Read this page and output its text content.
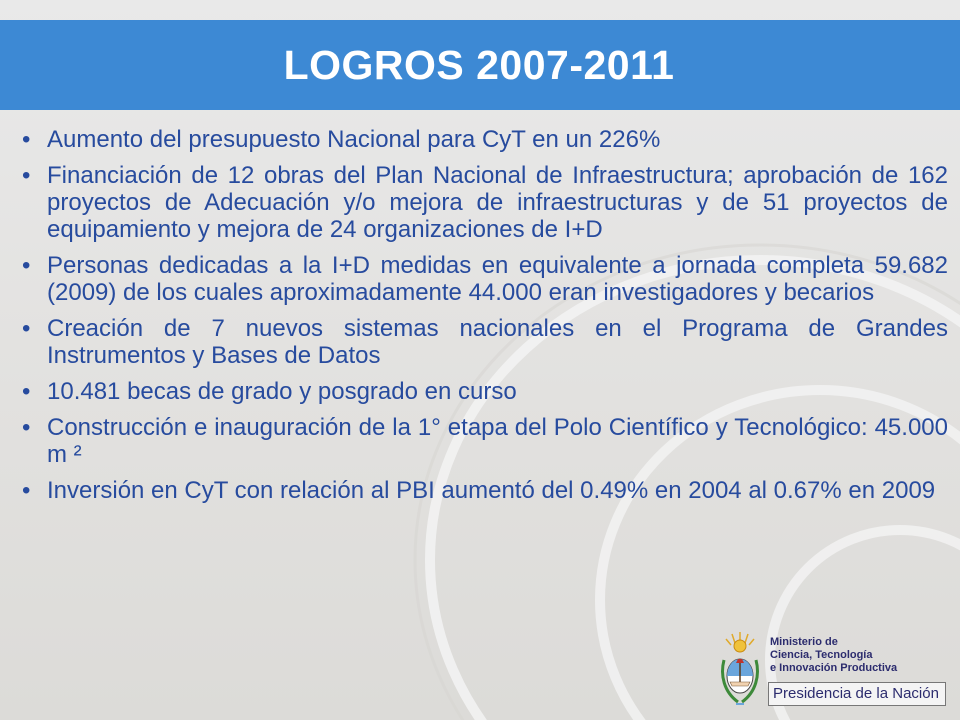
LOGROS 2007-2011
• Aumento del presupuesto Nacional para CyT en un 226%
• Financiación de 12 obras del Plan Nacional de Infraestructura; aprobación de 162 proyectos de Adecuación y/o mejora de infraestructuras y de 51 proyectos de equipamiento y mejora de 24 organizaciones de I+D
• Personas dedicadas a la I+D medidas en equivalente a jornada completa 59.682 (2009) de los cuales aproximadamente 44.000 eran investigadores y becarios
• Creación de 7 nuevos sistemas nacionales en el Programa de Grandes Instrumentos y Bases de Datos
• 10.481 becas de grado y posgrado en curso
• Construcción e inauguración de la 1° etapa del Polo Científico y Tecnológico: 45.000 m ²
• Inversión en CyT con relación al PBI aumentó del 0.49% en 2004 al 0.67% en 2009
Ministerio de
Ciencia, Tecnología
e Innovación Productiva
Presidencia de la Nación
